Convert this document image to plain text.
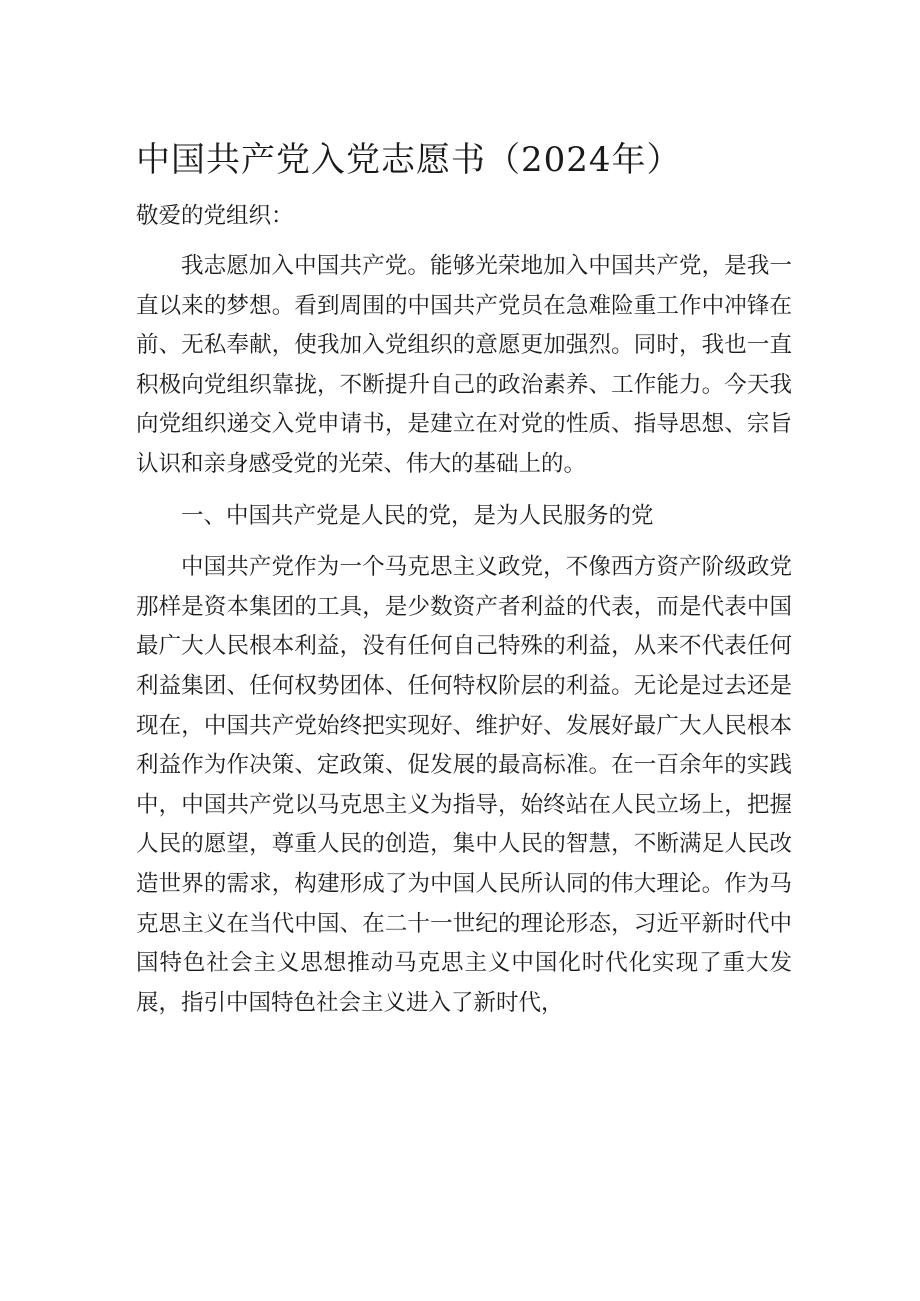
中国共产党入党志愿书（2024年）

敬爱的党组织：

我志愿加入中国共产党。能够光荣地加入中国共产党，是我一直以来的梦想。看到周围的中国共产党员在急难险重工作中冲锋在前、无私奉献，使我加入党组织的意愿更加强烈。同时，我也一直积极向党组织靠拢，不断提升自己的政治素养、工作能力。今天我向党组织递交入党申请书，是建立在对党的性质、指导思想、宗旨认识和亲身感受党的光荣、伟大的基础上的。

一、中国共产党是人民的党，是为人民服务的党

中国共产党作为一个马克思主义政党，不像西方资产阶级政党那样是资本集团的工具，是少数资产者利益的代表，而是代表中国最广大人民根本利益，没有任何自己特殊的利益，从来不代表任何利益集团、任何权势团体、任何特权阶层的利益。无论是过去还是现在，中国共产党始终把实现好、维护好、发展好最广大人民根本利益作为作决策、定政策、促发展的最高标准。在一百余年的实践中，中国共产党以马克思主义为指导，始终站在人民立场上，把握人民的愿望，尊重人民的创造，集中人民的智慧，不断满足人民改造世界的需求，构建形成了为中国人民所认同的伟大理论。作为马克思主义在当代中国、在二十一世纪的理论形态，习近平新时代中国特色社会主义思想推动马克思主义中国化时代化实现了重大发展，指引中国特色社会主义进入了新时代，
